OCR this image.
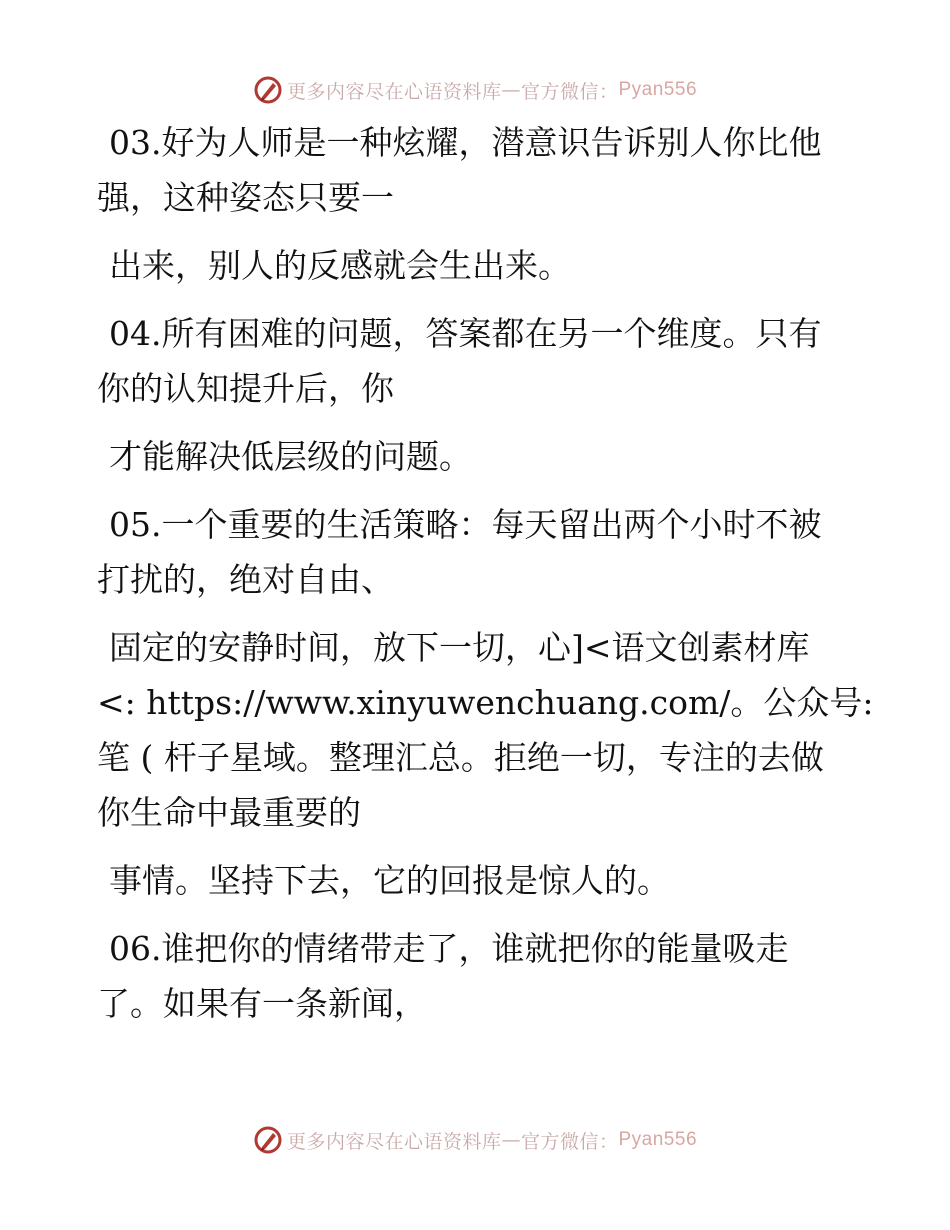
更多内容尽在心语资料库 — 官方微信： Pyan556
03.好为人师是一种炫耀，潜意识告诉别人你比他
强，这种姿态只要一
出来，别人的反感就会生出来。
04.所有困难的问题，答案都在另一个维度。只有
你的认知提升后，你
才能解决低层级的问题。
05.一个重要的生活策略：每天留出两个小时不被
打扰的，绝对自由、
固定的安静时间，放下一切，心]<语文创素材库
<: https://www.xinyuwenchuang.com/。公众号:
笔 ( 杆子星域。整理汇总。拒绝一切，专注的去做
你生命中最重要的
事情。坚持下去，它的回报是惊人的。
06.谁把你的情绪带走了，谁就把你的能量吸走
了。如果有一条新闻，
更多内容尽在心语资料库 — 官方微信： Pyan556
